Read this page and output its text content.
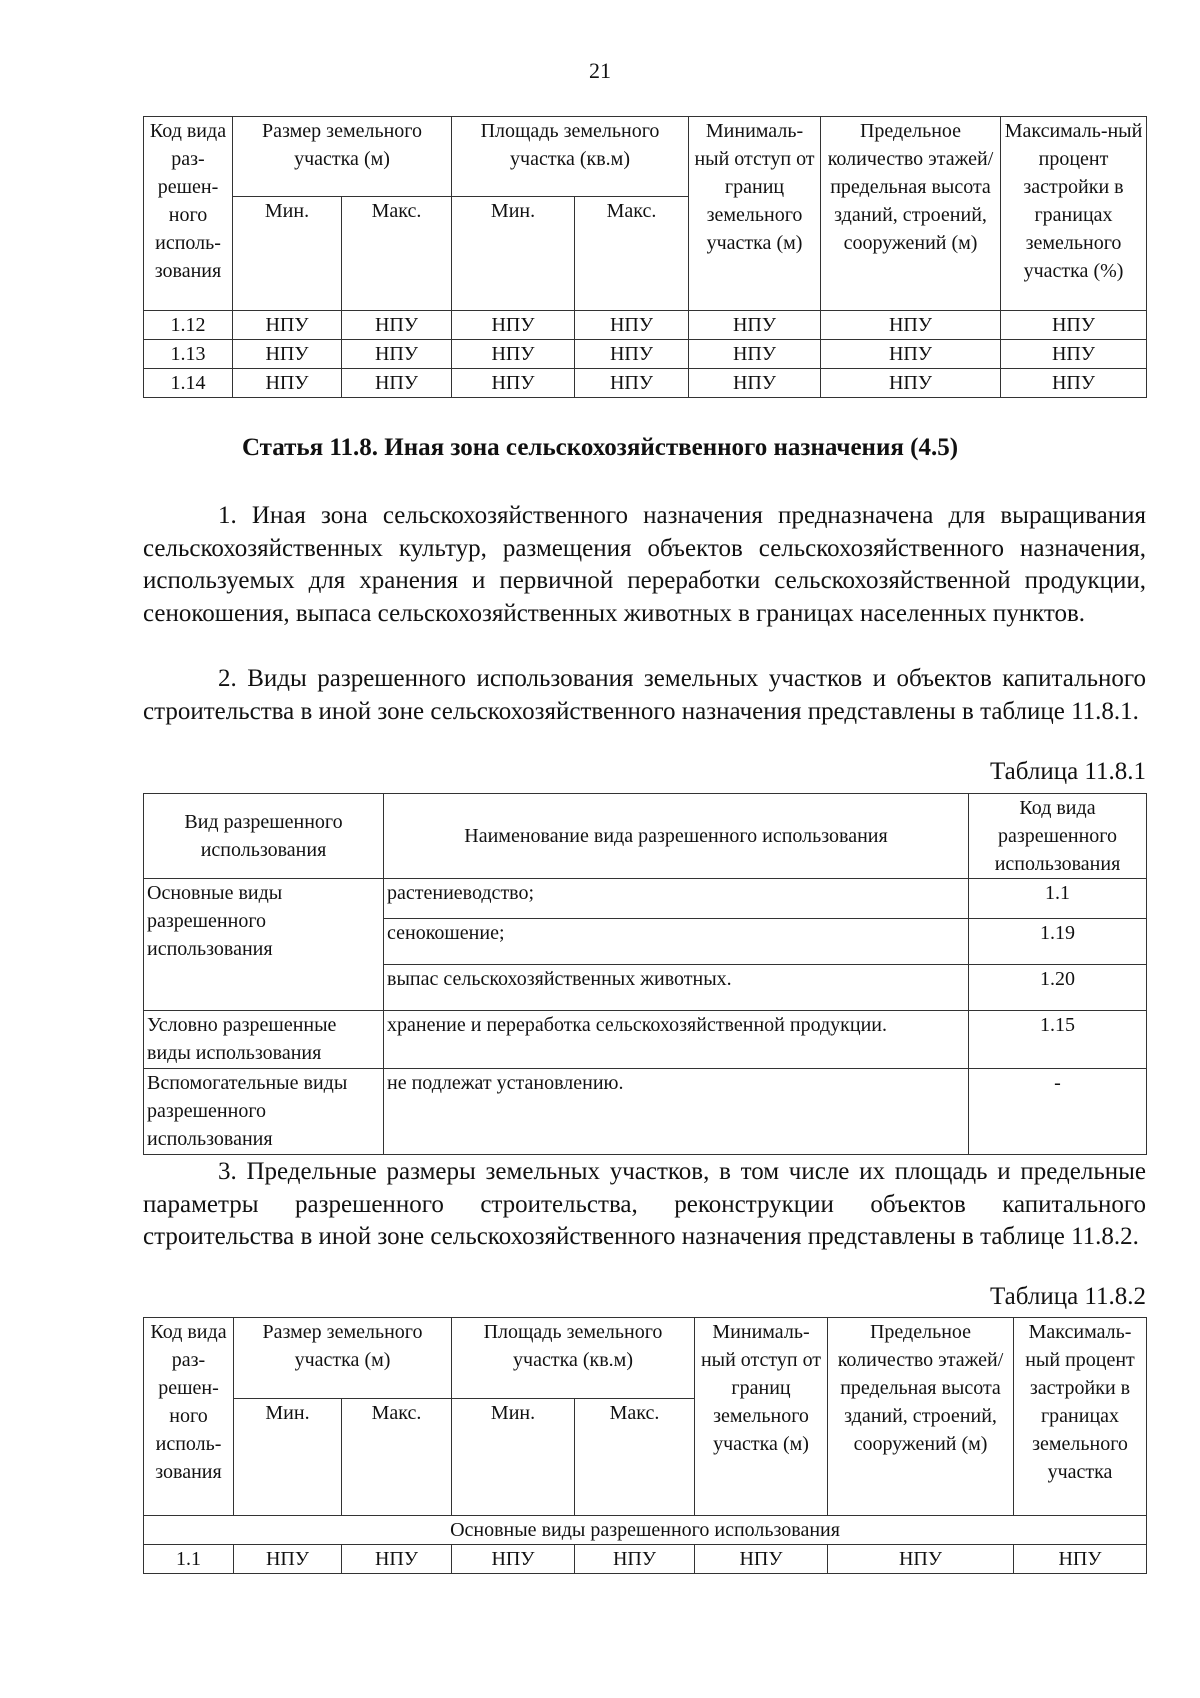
21
Код вида раз-решен-ного исполь-зования	Размер земельного участка (м)		Площадь земельного участка (кв.м)		Минималь-ный отступ от границ земельного участка (м)	Предельное количество этажей/ предельная высота зданий, строений, сооружений (м)	Максималь-ный процент застройки в границах земельного участка (%)
	Мин.	Макс.	Мин.	Макс.			
1.12	НПУ	НПУ	НПУ	НПУ	НПУ	НПУ	НПУ
1.13	НПУ	НПУ	НПУ	НПУ	НПУ	НПУ	НПУ
1.14	НПУ	НПУ	НПУ	НПУ	НПУ	НПУ	НПУ
Статья 11.8. Иная зона сельскохозяйственного назначения (4.5)

1. Иная зона сельскохозяйственного назначения предназначена для выращивания сельскохозяйственных культур, размещения объектов сельскохозяйственного назначения, используемых для хранения и первичной переработки сельскохозяйственной продукции, сенокошения, выпаса сельскохозяйственных животных в границах населенных пунктов.

2. Виды разрешенного использования земельных участков и объектов капитального строительства в иной зоне сельскохозяйственного назначения представлены в таблице 11.8.1.

Таблица 11.8.1

Вид разрешенного использования	Наименование вида разрешенного использования	Код вида разрешенного использования
Основные виды разрешенного использования	растениеводство;	1.1
	сенокошение;	1.19
	выпас сельскохозяйственных животных.	1.20
Условно разрешенные виды использования	хранение и переработка сельскохозяйственной продукции.	1.15
Вспомогательные виды разрешенного использования	не подлежат установлению.	-

3. Предельные размеры земельных участков, в том числе их площадь и предельные параметры разрешенного строительства, реконструкции объектов капитального строительства в иной зоне сельскохозяйственного назначения представлены в таблице 11.8.2.

Таблица 11.8.2

Код вида раз-решен-ного исполь-зования	Размер земельного участка (м)		Площадь земельного участка (кв.м)		Минималь-ный отступ от границ земельного участка (м)	Предельное количество этажей/ предельная высота зданий, строений, сооружений (м)	Максималь-ный процент застройки в границах земельного участка
	Мин.	Макс.	Мин.	Макс.			
Основные виды разрешенного использования							
1.1	НПУ	НПУ	НПУ	НПУ	НПУ	НПУ	НПУ
